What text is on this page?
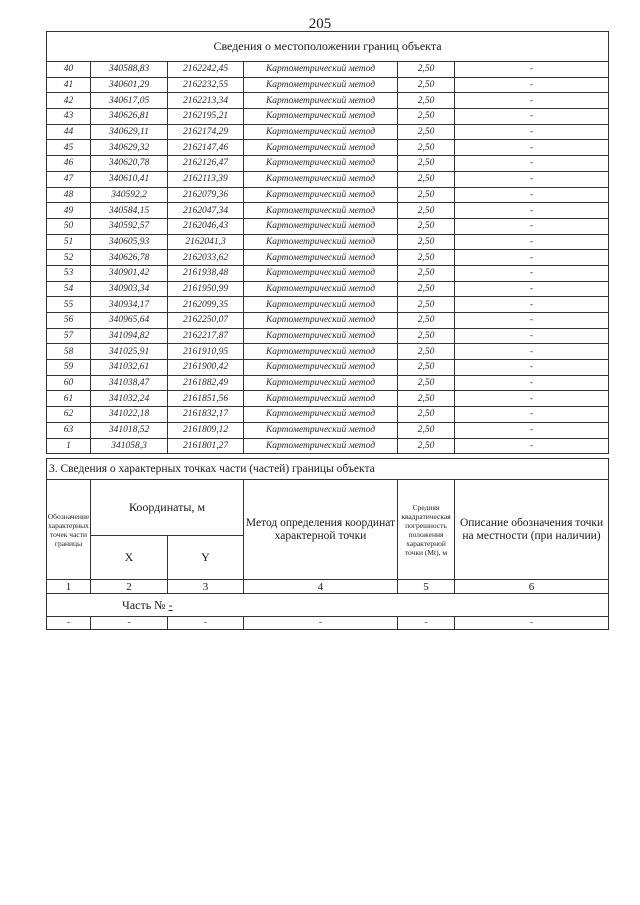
205
Сведения о местоположении границ объекта					
40	340588,83	2162242,45	Картометрический метод	2,50	-
41	340601,29	2162232,55	Картометрический метод	2,50	-
42	340617,05	2162213,34	Картометрический метод	2,50	-
43	340626,81	2162195,21	Картометрический метод	2,50	-
44	340629,11	2162174,29	Картометрический метод	2,50	-
45	340629,32	2162147,46	Картометрический метод	2,50	-
46	340620,78	2162126,47	Картометрический метод	2,50	-
47	340610,41	2162113,39	Картометрический метод	2,50	-
48	340592,2	2162079,36	Картометрический метод	2,50	-
49	340584,15	2162047,34	Картометрический метод	2,50	-
50	340592,57	2162046,43	Картометрический метод	2,50	-
51	340605,93	2162041,3	Картометрический метод	2,50	-
52	340626,78	2162033,62	Картометрический метод	2,50	-
53	340901,42	2161938,48	Картометрический метод	2,50	-
54	340903,34	2161950,99	Картометрический метод	2,50	-
55	340934,17	2162099,35	Картометрический метод	2,50	-
56	340965,64	2162250,07	Картометрический метод	2,50	-
57	341094,82	2162217,87	Картометрический метод	2,50	-
58	341025,91	2161910,95	Картометрический метод	2,50	-
59	341032,61	2161900,42	Картометрический метод	2,50	-
60	341038,47	2161882,49	Картометрический метод	2,50	-
61	341032,24	2161851,56	Картометрический метод	2,50	-
62	341022,18	2161832,17	Картометрический метод	2,50	-
63	341018,52	2161809,12	Картометрический метод	2,50	-
1	341058,3	2161801,27	Картометрический метод	2,50	-
3. Сведения о характерных точках части (частей) границы объекта					
Обозначение характерных точек части границы	Координаты, м		Метод определения координат характерной точки	Средняя квадратическая погрешность положения характерной точки (Mt), м	Описание обозначения точки на местности (при наличии)
	X	Y			
1	2	3	4	5	6
Часть № -					
-	-	-	-	-	-
